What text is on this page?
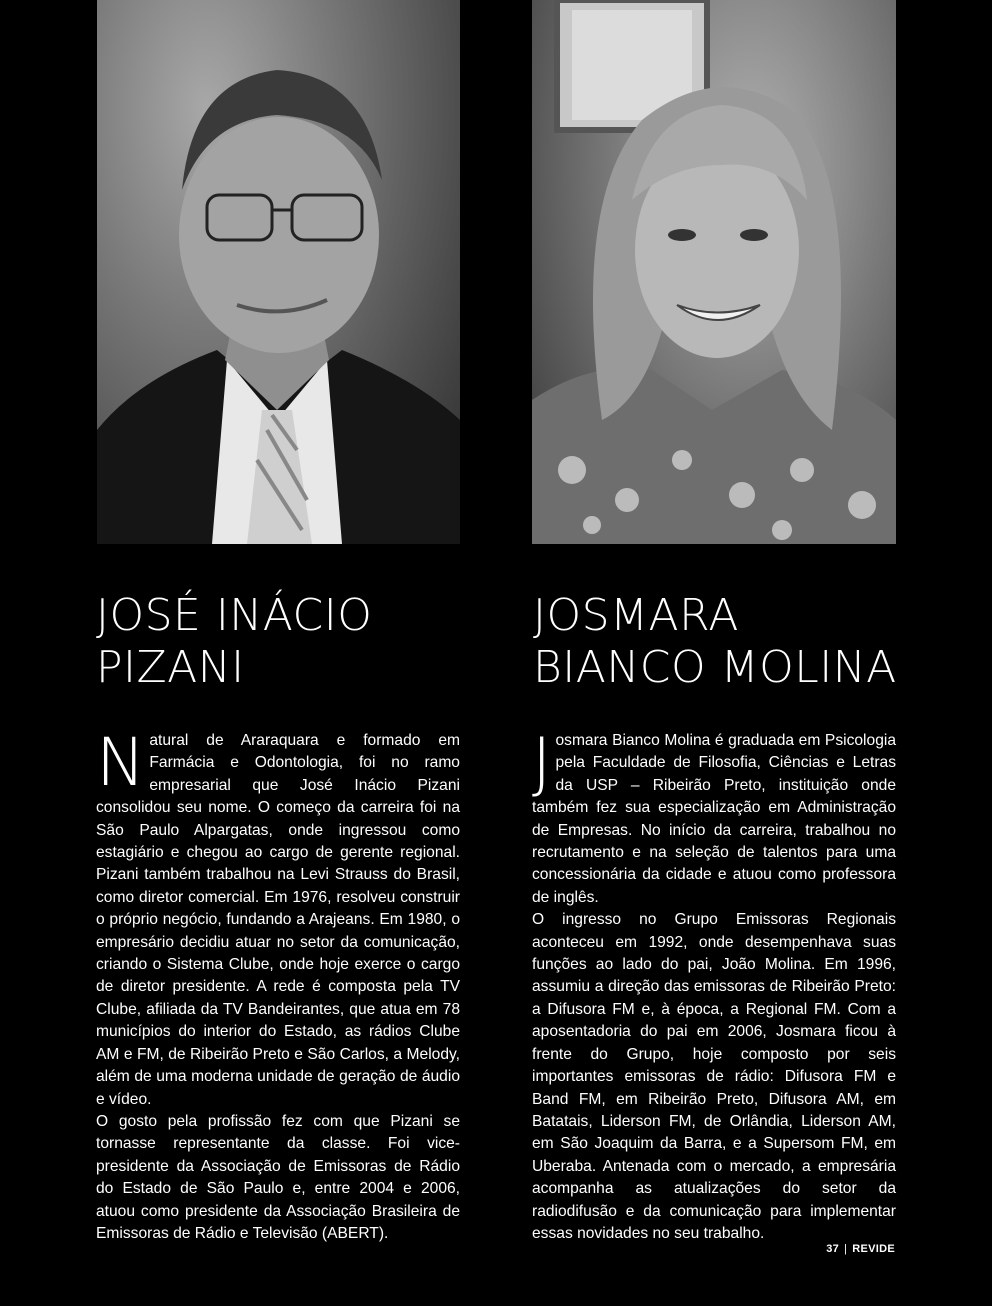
JOSÉ INÁCIO
PIZANI
JOSMARA
BIANCO MOLINA

Natural de Araraquara e formado em Farmácia e Odontologia, foi no ramo empresarial que José Inácio Pizani consolidou seu nome. O começo da carreira foi na São Paulo Alpargatas, onde ingressou como estagiário e chegou ao cargo de gerente regional. Pizani também trabalhou na Levi Strauss do Brasil, como diretor comercial. Em 1976, resolveu construir o próprio negócio, fundando a Arajeans. Em 1980, o empresário decidiu atuar no setor da comunicação, criando o Sistema Clube, onde hoje exerce o cargo de diretor presidente. A rede é composta pela TV Clube, afiliada da TV Bandeirantes, que atua em 78 municípios do interior do Estado, as rádios Clube AM e FM, de Ribeirão Preto e São Carlos, a Melody, além de uma moderna unidade de geração de áudio e vídeo.

O gosto pela profissão fez com que Pizani se tornasse representante da classe. Foi vice-presidente da Associação de Emissoras de Rádio do Estado de São Paulo e, entre 2004 e 2006, atuou como presidente da Associação Brasileira de Emissoras de Rádio e Televisão (ABERT).

Josmara Bianco Molina é graduada em Psicologia pela Faculdade de Filosofia, Ciências e Letras da USP – Ribeirão Preto, instituição onde também fez sua especialização em Administração de Empresas. No início da carreira, trabalhou no recrutamento e na seleção de talentos para uma concessionária da cidade e atuou como professora de inglês.

O ingresso no Grupo Emissoras Regionais aconteceu em 1992, onde desempenhava suas funções ao lado do pai, João Molina. Em 1996, assumiu a direção das emissoras de Ribeirão Preto: a Difusora FM e, à época, a Regional FM. Com a aposentadoria do pai em 2006, Josmara ficou à frente do Grupo, hoje composto por seis importantes emissoras de rádio: Difusora FM e Band FM, em Ribeirão Preto, Difusora AM, em Batatais, Liderson FM, de Orlândia, Liderson AM, em São Joaquim da Barra, e a Supersom FM, em Uberaba. Antenada com o mercado, a empresária acompanha as atualizações do setor da radiodifusão e da comunicação para implementar essas novidades no seu trabalho.

37 | REVIDE
